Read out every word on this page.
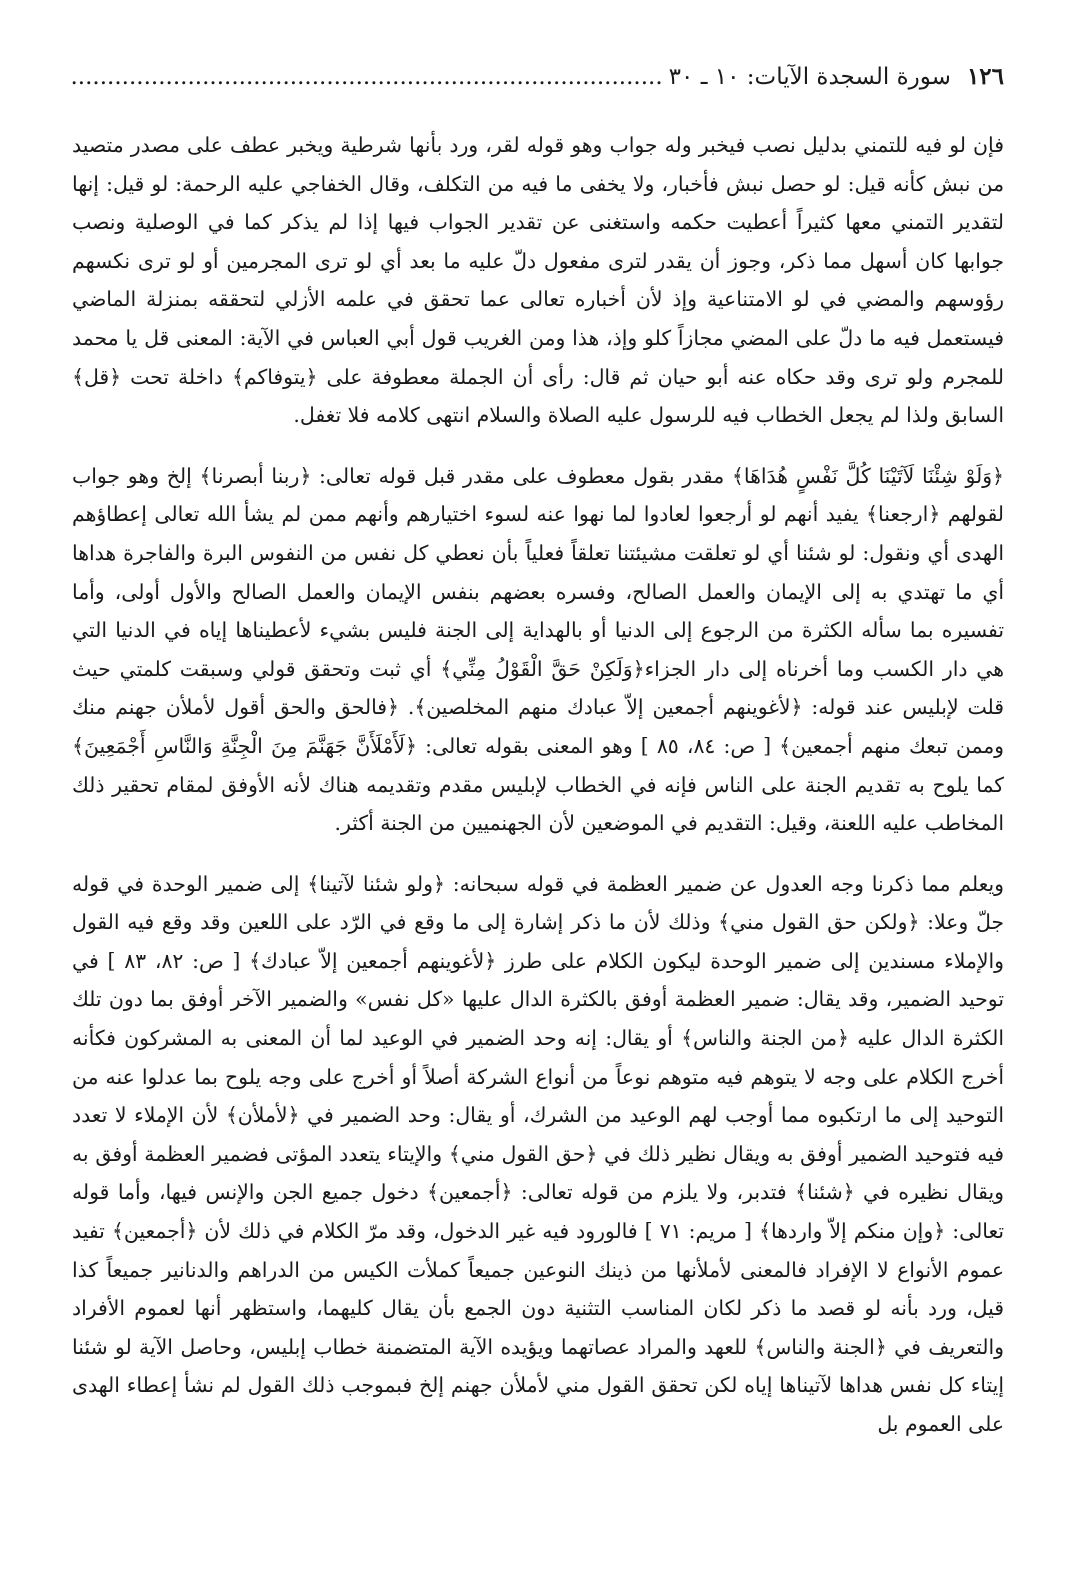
١٢٦
سورة السجدة الآيات: ١٠ ـ ٣٠ .....

فإن لو فيه للتمني بدليل نصب فيخبر وله جواب وهو قوله لقر، ورد بأنها شرطية ويخبر عطف على مصدر متصيد من نبش كأنه قيل: لو حصل نبش فأخبار، ولا يخفى ما فيه من التكلف، وقال الخفاجي عليه الرحمة: لو قيل: إنها لتقدير التمني معها كثيراً أعطيت حكمه واستغنى عن تقدير الجواب فيها إذا لم يذكر كما في الوصلية ونصب جوابها كان أسهل مما ذكر، وجوز أن يقدر لترى مفعول دلّ عليه ما بعد أي لو ترى المجرمين أو لو ترى نكسهم رؤوسهم والمضي في لو الامتناعية وإذ لأن أخباره تعالى عما تحقق في علمه الأزلي لتحققه بمنزلة الماضي فيستعمل فيه ما دلّ على المضي مجازاً كلو وإذ، هذا ومن الغريب قول أبي العباس في الآية: المعنى قل يا محمد للمجرم ولو ترى وقد حكاه عنه أبو حيان ثم قال: رأى أن الجملة معطوفة على ﴿يتوفاكم﴾ داخلة تحت ﴿قل﴾ السابق ولذا لم يجعل الخطاب فيه للرسول عليه الصلاة والسلام انتهى كلامه فلا تغفل.

﴿وَلَوْ شِئْنَا لَآتَيْنَا كُلَّ نَفْسٍ هُدَاهَا﴾ مقدر بقول معطوف على مقدر قبل قوله تعالى: ﴿ربنا أبصرنا﴾ إلخ وهو جواب لقولهم ﴿ارجعنا﴾ يفيد أنهم لو أرجعوا لعادوا لما نهوا عنه لسوء اختيارهم وأنهم ممن لم يشأ الله تعالى إعطاؤهم الهدى أي ونقول: لو شئنا أي لو تعلقت مشيئتنا تعلقاً فعلياً بأن نعطي كل نفس من النفوس البرة والفاجرة هداها أي ما تهتدي به إلى الإيمان والعمل الصالح، وفسره بعضهم بنفس الإيمان والعمل الصالح والأول أولى، وأما تفسيره بما سأله الكثرة من الرجوع إلى الدنيا أو بالهداية إلى الجنة فليس بشيء لأعطيناها إياه في الدنيا التي هي دار الكسب وما أخرناه إلى دار الجزاء﴿وَلَكِنْ حَقَّ الْقَوْلُ مِنِّي﴾ أي ثبت وتحقق قولي وسبقت كلمتي حيث قلت لإبليس عند قوله: ﴿لأغوينهم أجمعين إلاّ عبادك منهم المخلصين﴾. ﴿فالحق والحق أقول لأملأن جهنم منك وممن تبعك منهم أجمعين﴾ [ ص: ٨٤، ٨٥ ] وهو المعنى بقوله تعالى: ﴿لَأَمْلَأَنَّ جَهَنَّمَ مِنَ الْجِنَّةِ وَالنَّاسِ أَجْمَعِينَ﴾ كما يلوح به تقديم الجنة على الناس فإنه في الخطاب لإبليس مقدم وتقديمه هناك لأنه الأوفق لمقام تحقير ذلك المخاطب عليه اللعنة، وقيل: التقديم في الموضعين لأن الجهنميين من الجنة أكثر.

ويعلم مما ذكرنا وجه العدول عن ضمير العظمة في قوله سبحانه: ﴿ولو شئنا لآتينا﴾ إلى ضمير الوحدة في قوله جلّ وعلا: ﴿ولكن حق القول مني﴾ وذلك لأن ما ذكر إشارة إلى ما وقع في الرّد على اللعين وقد وقع فيه القول والإملاء مسندين إلى ضمير الوحدة ليكون الكلام على طرز ﴿لأغوينهم أجمعين إلاّ عبادك﴾ [ ص: ٨٢، ٨٣ ] في توحيد الضمير، وقد يقال: ضمير العظمة أوفق بالكثرة الدال عليها «كل نفس» والضمير الآخر أوفق بما دون تلك الكثرة الدال عليه ﴿من الجنة والناس﴾ أو يقال: إنه وحد الضمير في الوعيد لما أن المعنى به المشركون فكأنه أخرج الكلام على وجه لا يتوهم فيه متوهم نوعاً من أنواع الشركة أصلاً أو أخرج على وجه يلوح بما عدلوا عنه من التوحيد إلى ما ارتكبوه مما أوجب لهم الوعيد من الشرك، أو يقال: وحد الضمير في ﴿لأملأن﴾ لأن الإملاء لا تعدد فيه فتوحيد الضمير أوفق به ويقال نظير ذلك في ﴿حق القول مني﴾ والإيتاء يتعدد المؤتى فضمير العظمة أوفق به ويقال نظيره في ﴿شئنا﴾ فتدبر، ولا يلزم من قوله تعالى: ﴿أجمعين﴾ دخول جميع الجن والإنس فيها، وأما قوله تعالى: ﴿وإن منكم إلاّ واردها﴾ [ مريم: ٧١ ] فالورود فيه غير الدخول، وقد مرّ الكلام في ذلك لأن ﴿أجمعين﴾ تفيد عموم الأنواع لا الإفراد فالمعنى لأملأنها من ذينك النوعين جميعاً كملأت الكيس من الدراهم والدنانير جميعاً كذا قيل، ورد بأنه لو قصد ما ذكر لكان المناسب التثنية دون الجمع بأن يقال كليهما، واستظهر أنها لعموم الأفراد والتعريف في ﴿الجنة والناس﴾ للعهد والمراد عصاتهما ويؤيده الآية المتضمنة خطاب إبليس، وحاصل الآية لو شئنا إيتاء كل نفس هداها لآتيناها إياه لكن تحقق القول مني لأملأن جهنم إلخ فبموجب ذلك القول لم نشأ إعطاء الهدى على العموم بل
